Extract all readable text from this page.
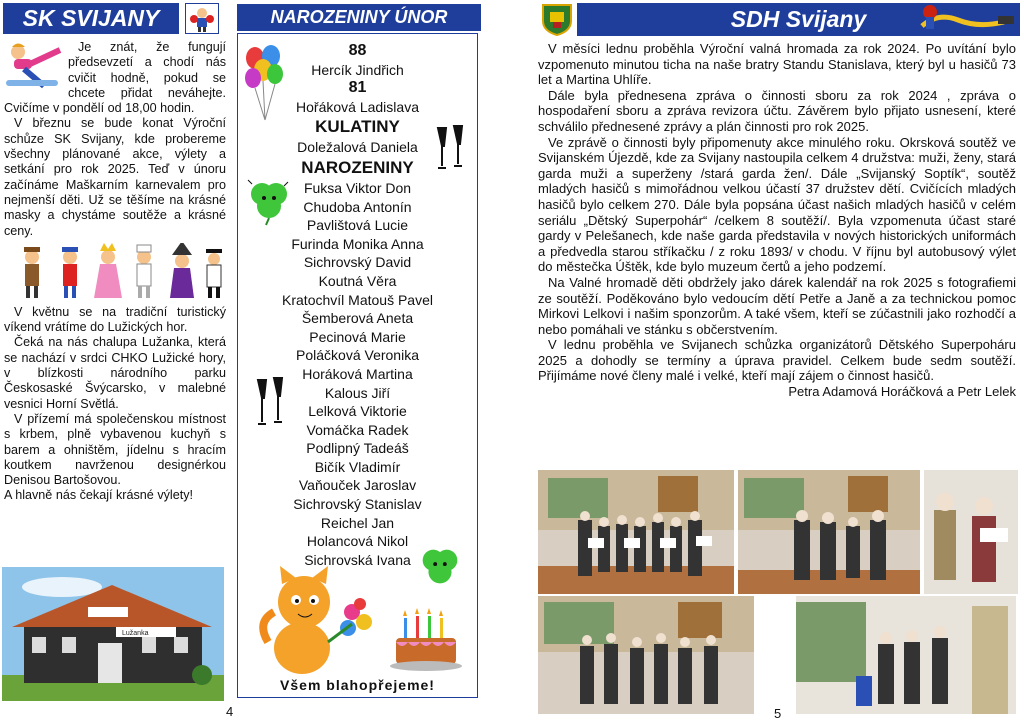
SK SVIJANY	NAROZENINY ÚNOR	SDH Svijany

Je znát, že fungují předsevzetí a chodí nás cvičit hodně, pokud se chcete přidat neváhejte. Cvičíme v pondělí od 18,00 hodin.

V březnu se bude konat Výroční schůze SK Svijany, kde probereme všechny plánované akce, výlety a setkání pro rok 2025. Teď v únoru začínáme Maškarním karnevalem pro nejmenší děti. Už se těšíme na krásné masky a chystáme soutěže a krásné ceny.

V květnu se na tradiční turistický víkend vrátíme do Lužických hor.

Čeká na nás chalupa Lužanka, která se nachází v srdci CHKO Lužické hory, v blízkosti národního parku Českosaské Švýcarsko, v malebné vesnici Horní Světlá.

V přízemí má společenskou místnost s krbem, plně vybavenou kuchyň s barem a ohništěm, jídelnu s hracím koutkem navrženou designérkou Denisou Bartošovou.

A hlavně nás čekají krásné výlety!

Lužanka
4
88
Hercík Jindřich
81
Hořáková Ladislava
KULATINY
Doležalová Daniela
NAROZENINY
Fuksa Viktor Don
Chudoba Antonín
Pavlištová Lucie
Furinda Monika Anna
Sichrovský David
Koutná Věra
Kratochvíl Matouš Pavel
Šemberová Aneta
Pecinová Marie
Poláčková Veronika
Horáková Martina
Kalous Jiří
Lelková Viktorie
Vomáčka Radek
Podlipný Tadeáš
Bičík Vladimír
Vaňouček Jaroslav
Sichrovský Stanislav
Reichel Jan
Holancová Nikol
Sichrovská Ivana
Všem blahopřejeme!

V měsíci lednu proběhla Výroční valná hromada za rok 2024. Po uvítání bylo vzpomenuto minutou ticha na naše bratry Standu Stanislava, který byl u hasičů 73 let a Martina Uhlíře.

Dále byla přednesena zpráva o činnosti sboru za rok 2024 , zpráva o hospodaření sboru a zpráva revizora účtu. Závěrem bylo přijato usnesení, které schválilo přednesené zprávy a plán činnosti pro rok 2025.

Ve zprávě o činnosti byly připomenuty akce minulého roku. Okrsková soutěž ve Svijanském Újezdě, kde za Svijany nastoupila celkem 4 družstva: muži, ženy, stará garda muži a superženy /stará garda žen/. Dále „Svijanský Soptík“, soutěž mladých hasičů s mimořádnou velkou účastí 37 družstev dětí. Cvičících mladých hasičů bylo celkem 270. Dále byla popsána účast našich mladých hasičů v celém seriálu „Dětský Superpohár“ /celkem 8 soutěží/. Byla vzpomenuta účast staré gardy v Pelešanech, kde naše garda představila v nových historických uniformách a předvedla starou stříkačku / z roku 1893/ v chodu. V říjnu byl autobusový výlet do městečka Úštěk, kde bylo muzeum čertů a jeho podzemí.

Na Valné hromadě děti obdržely jako dárek kalendář na rok 2025 s fotografiemi ze soutěží. Poděkováno bylo vedoucím dětí Petře a Janě a za technickou pomoc Mirkovi Lelkovi i našim sponzorům. A také všem, kteří se zúčastnili jako rozhodčí a nebo pomáhali ve stánku s občerstvením.

V lednu proběhla ve Svijanech schůzka organizátorů Dětského Superpoháru 2025 a dohodly se termíny a úprava pravidel. Celkem bude sedm soutěží. Přijímáme nové členy malé i velké, kteří mají zájem o činnost hasičů.

Petra Adamová Horáčková a Petr Lelek

5
